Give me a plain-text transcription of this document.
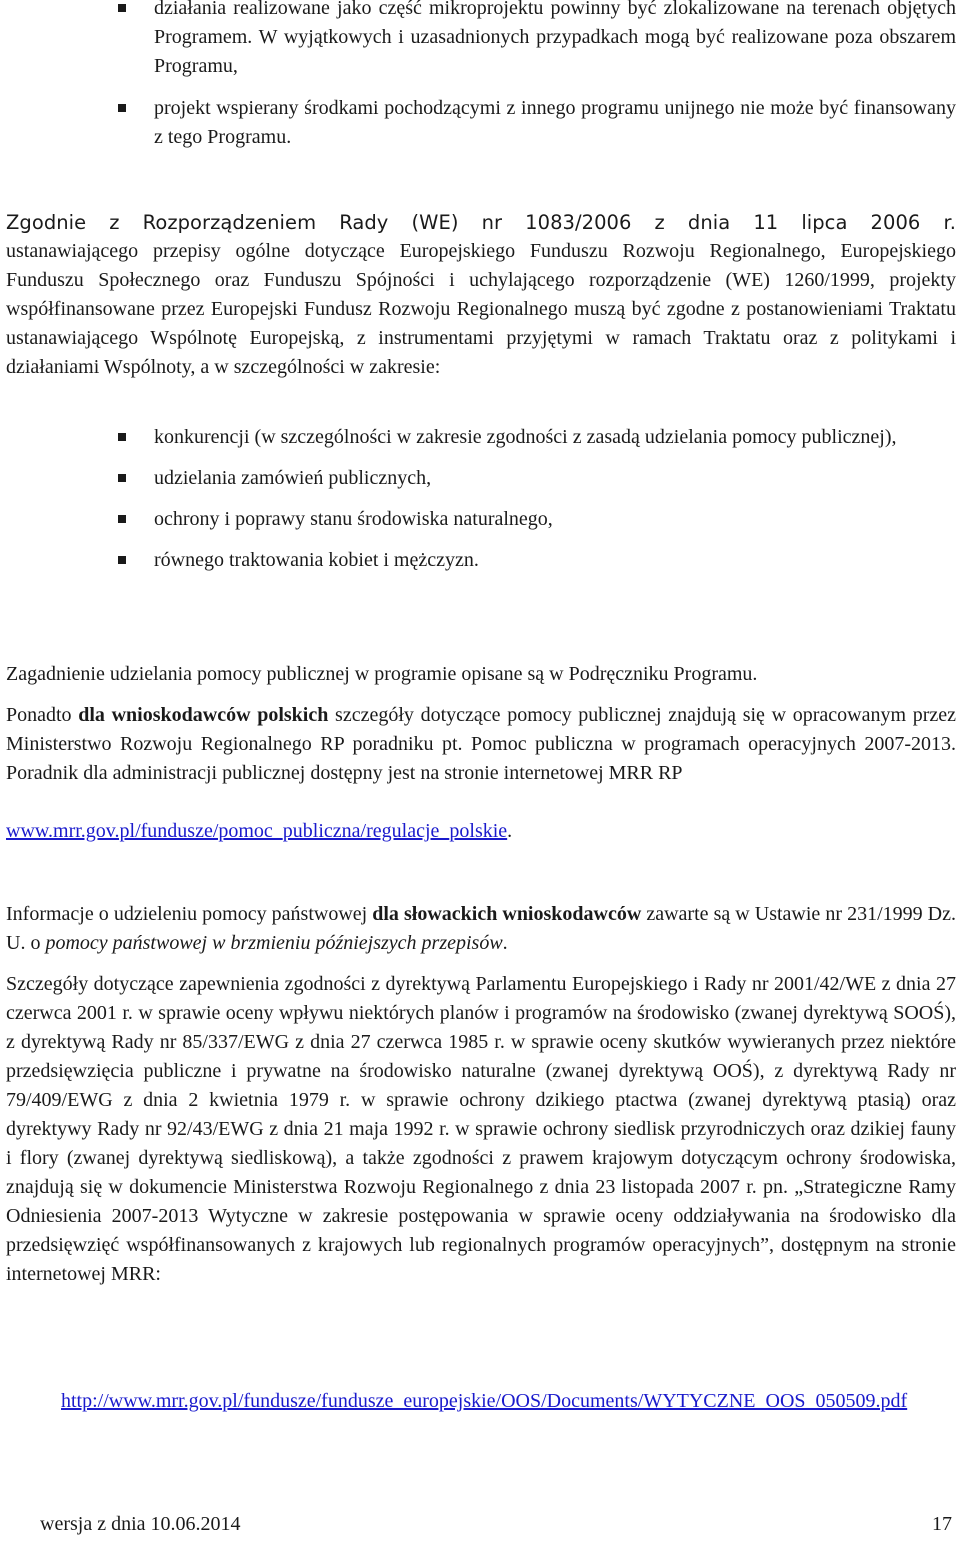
działania realizowane jako część mikroprojektu powinny być zlokalizowane na terenach objętych Programem. W wyjątkowych i uzasadnionych przypadkach mogą być realizowane poza obszarem Programu,
projekt wspierany środkami pochodzącymi z innego programu unijnego nie może być finansowany z tego Programu.
Zgodnie z Rozporządzeniem Rady (WE) nr 1083/2006 z dnia 11 lipca 2006 r.
ustanawiającego przepisy ogólne dotyczące Europejskiego Funduszu Rozwoju Regionalnego, Europejskiego Funduszu Społecznego oraz Funduszu Spójności i uchylającego rozporządzenie (WE) 1260/1999, projekty współfinansowane przez Europejski Fundusz Rozwoju Regionalnego muszą być zgodne z postanowieniami Traktatu ustanawiającego Wspólnotę Europejską, z instrumentami przyjętymi w ramach Traktatu oraz z politykami i działaniami Wspólnoty, a w szczególności w zakresie:
konkurencji (w szczególności w zakresie zgodności z zasadą udzielania pomocy publicznej),
udzielania zamówień publicznych,
ochrony i poprawy stanu środowiska naturalnego,
równego traktowania kobiet i mężczyzn.
Zagadnienie udzielania pomocy publicznej w programie opisane są w Podręczniku Programu.
Ponadto dla wnioskodawców polskich szczegóły dotyczące pomocy publicznej znajdują się w opracowanym przez Ministerstwo Rozwoju Regionalnego RP poradniku pt. Pomoc publiczna w programach operacyjnych 2007-2013. Poradnik dla administracji publicznej dostępny jest na stronie internetowej MRR RP
www.mrr.gov.pl/fundusze/pomoc_publiczna/regulacje_polskie.
Informacje o udzieleniu pomocy państwowej dla słowackich wnioskodawców zawarte są w Ustawie nr 231/1999 Dz. U. o pomocy państwowej w brzmieniu późniejszych przepisów.
Szczegóły dotyczące zapewnienia zgodności z dyrektywą Parlamentu Europejskiego i Rady nr 2001/42/WE z dnia 27 czerwca 2001 r. w sprawie oceny wpływu niektórych planów i programów na środowisko (zwanej dyrektywą SOOŚ), z dyrektywą Rady nr 85/337/EWG z dnia 27 czerwca 1985 r. w sprawie oceny skutków wywieranych przez niektóre przedsięwzięcia publiczne i prywatne na środowisko naturalne (zwanej dyrektywą OOŚ), z dyrektywą Rady nr 79/409/EWG z dnia 2 kwietnia 1979 r. w sprawie ochrony dzikiego ptactwa (zwanej dyrektywą ptasią) oraz dyrektywy Rady nr 92/43/EWG z dnia 21 maja 1992 r. w sprawie ochrony siedlisk przyrodniczych oraz dzikiej fauny i flory (zwanej dyrektywą siedliskową), a także zgodności z prawem krajowym dotyczącym ochrony środowiska, znajdują się w dokumencie Ministerstwa Rozwoju Regionalnego z dnia 23 listopada 2007 r. pn. „Strategiczne Ramy Odniesienia 2007-2013 Wytyczne w zakresie postępowania w sprawie oceny oddziaływania na środowisko dla przedsięwzięć współfinansowanych z krajowych lub regionalnych programów operacyjnych”, dostępnym na stronie internetowej MRR:
http://www.mrr.gov.pl/fundusze/fundusze_europejskie/OOS/Documents/WYTYCZNE_OOS_050509.pdf
wersja z dnia 10.06.2014	17
